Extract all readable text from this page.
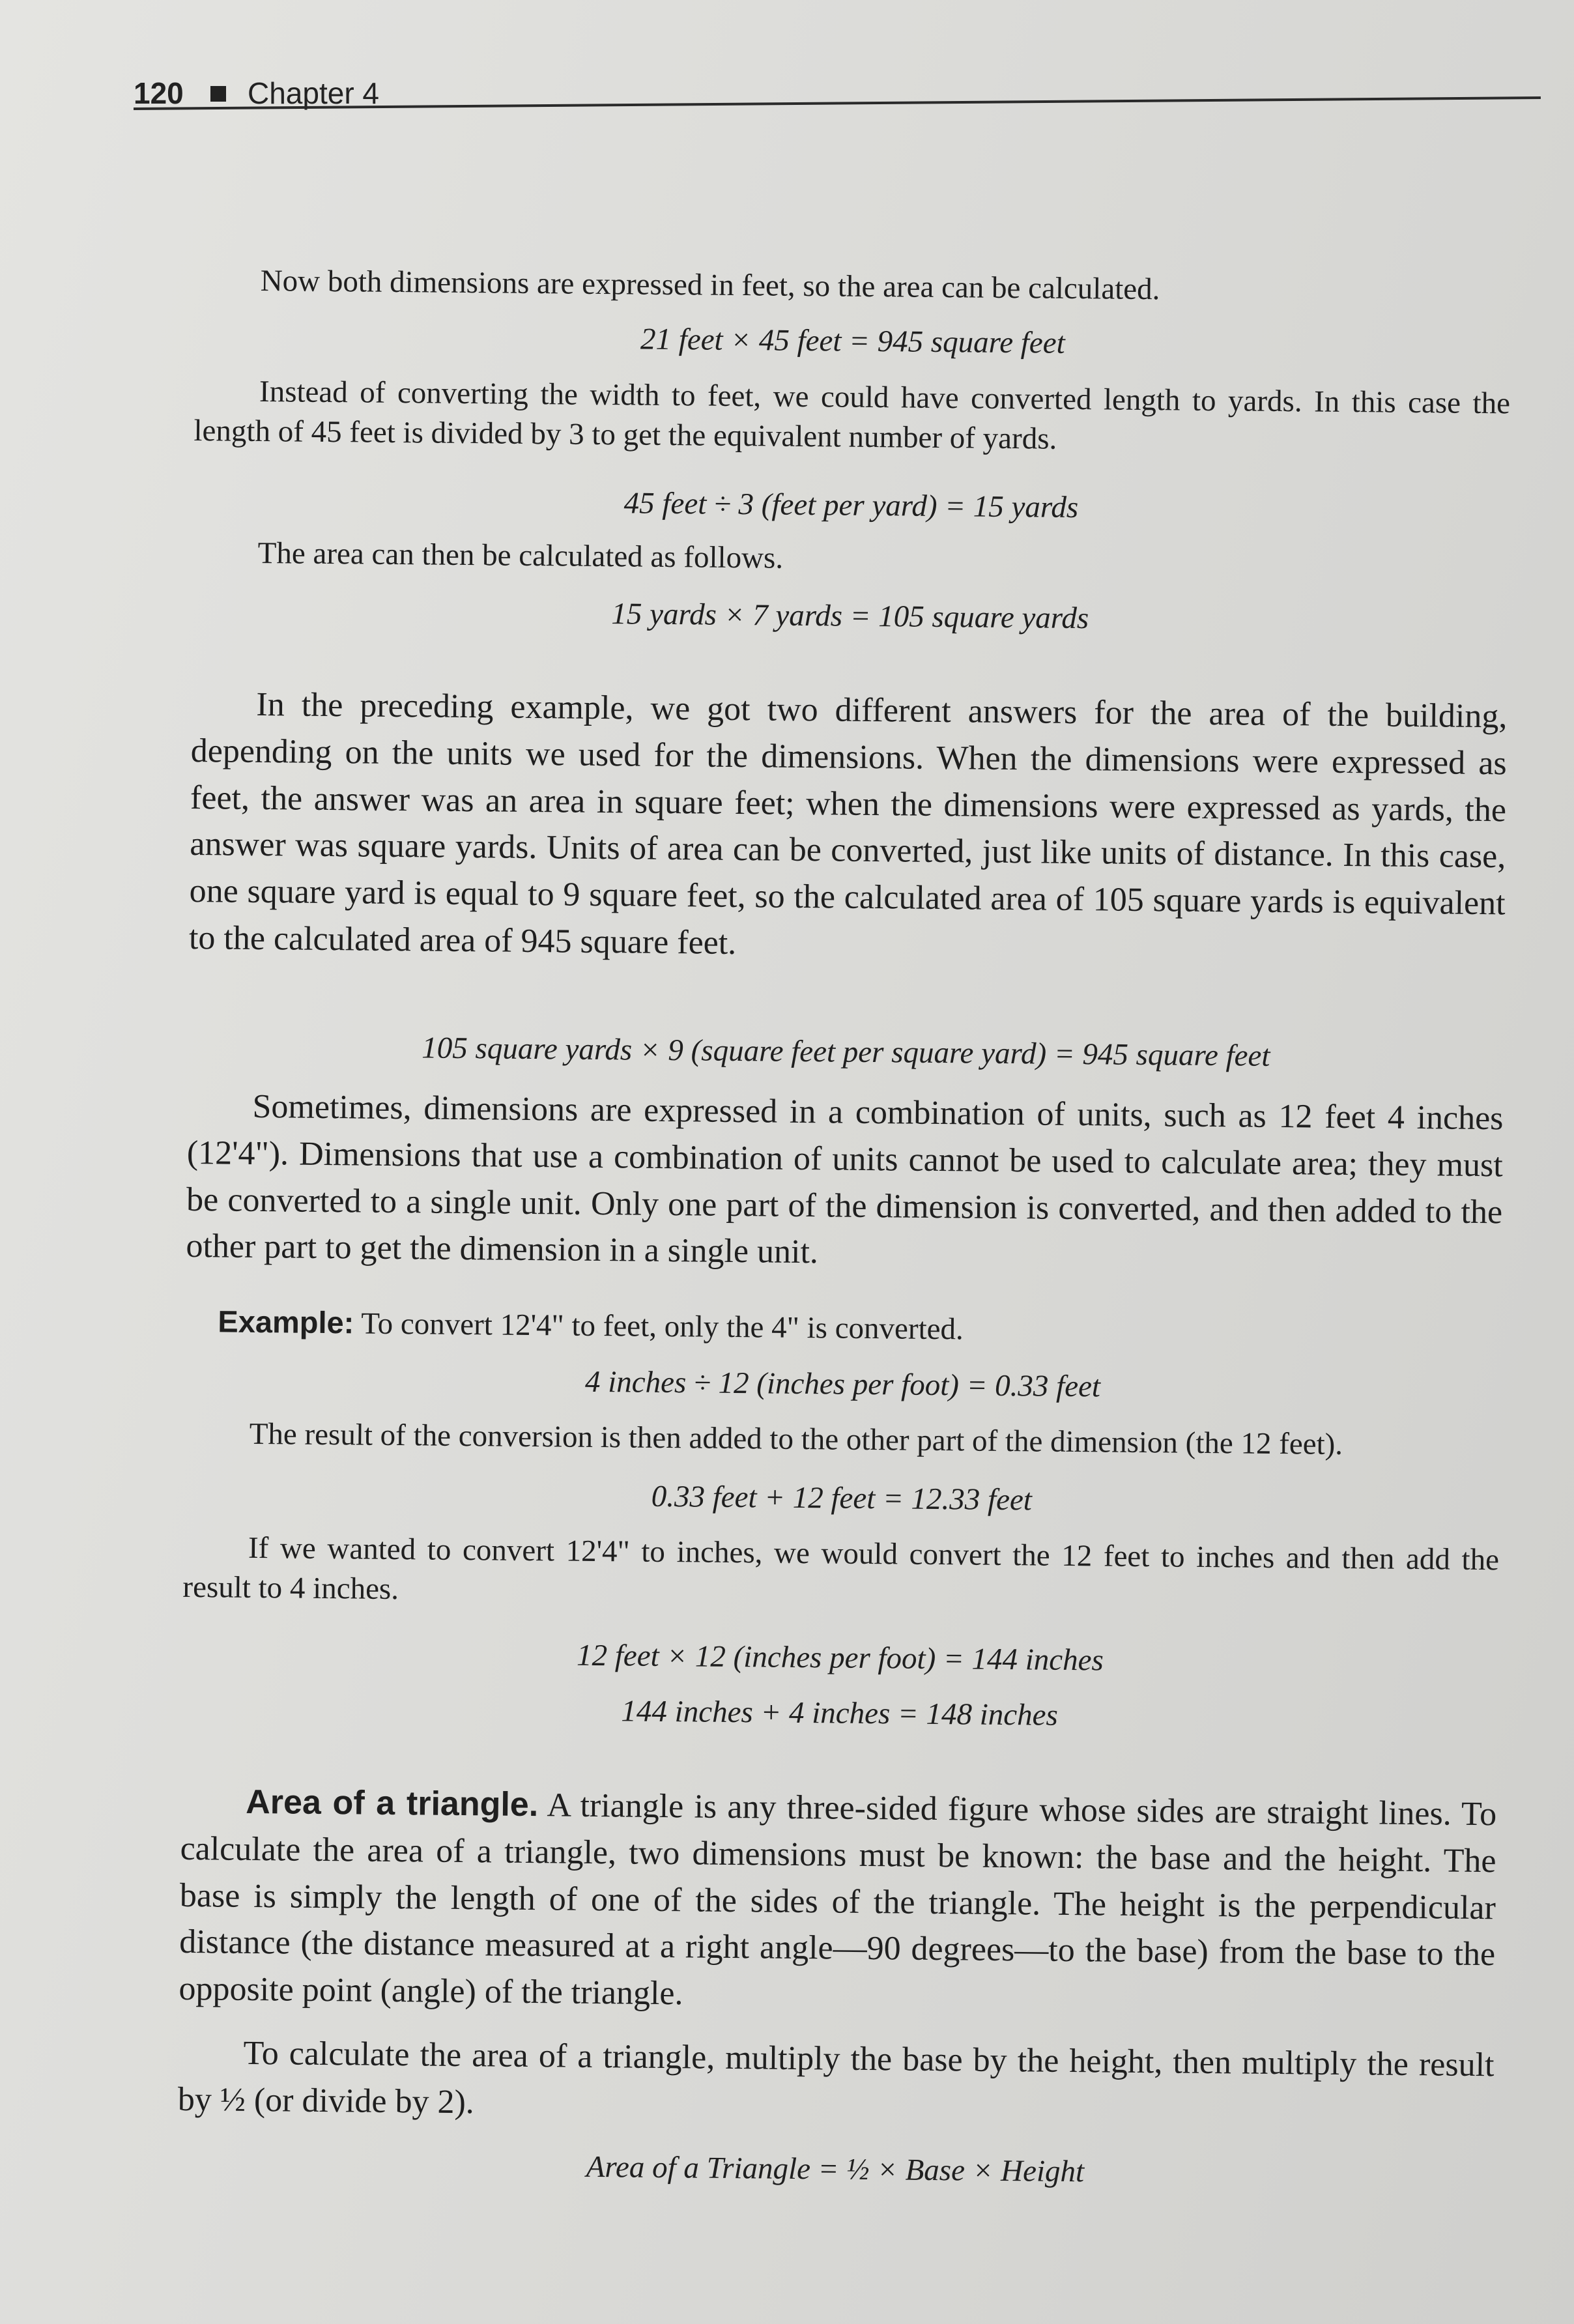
120 Chapter 4
Now both dimensions are expressed in feet, so the area can be calculated.
21 feet × 45 feet = 945 square feet
Instead of converting the width to feet, we could have converted length to yards. In this case the length of 45 feet is divided by 3 to get the equivalent number of yards.
45 feet ÷ 3 (feet per yard) = 15 yards
The area can then be calculated as follows.
15 yards × 7 yards = 105 square yards
In the preceding example, we got two different answers for the area of the building, depending on the units we used for the dimensions. When the dimensions were expressed as feet, the answer was an area in square feet; when the dimensions were expressed as yards, the answer was square yards. Units of area can be converted, just like units of distance. In this case, one square yard is equal to 9 square feet, so the calculated area of 105 square yards is equivalent to the calculated area of 945 square feet.
105 square yards × 9 (square feet per square yard) = 945 square feet
Sometimes, dimensions are expressed in a combination of units, such as 12 feet 4 inches (12'4"). Dimensions that use a combination of units cannot be used to calculate area; they must be converted to a single unit. Only one part of the dimension is converted, and then added to the other part to get the dimension in a single unit.
Example: To convert 12'4" to feet, only the 4" is converted.
4 inches ÷ 12 (inches per foot) = 0.33 feet
The result of the conversion is then added to the other part of the dimension (the 12 feet).
0.33 feet + 12 feet = 12.33 feet
If we wanted to convert 12'4" to inches, we would convert the 12 feet to inches and then add the result to 4 inches.
12 feet × 12 (inches per foot) = 144 inches
144 inches + 4 inches = 148 inches
Area of a triangle. A triangle is any three-sided figure whose sides are straight lines. To calculate the area of a triangle, two dimensions must be known: the base and the height. The base is simply the length of one of the sides of the triangle. The height is the perpendicular distance (the distance measured at a right angle—90 degrees—to the base) from the base to the opposite point (angle) of the triangle.
To calculate the area of a triangle, multiply the base by the height, then multiply the result by ½ (or divide by 2).
Area of a Triangle = ½ × Base × Height
